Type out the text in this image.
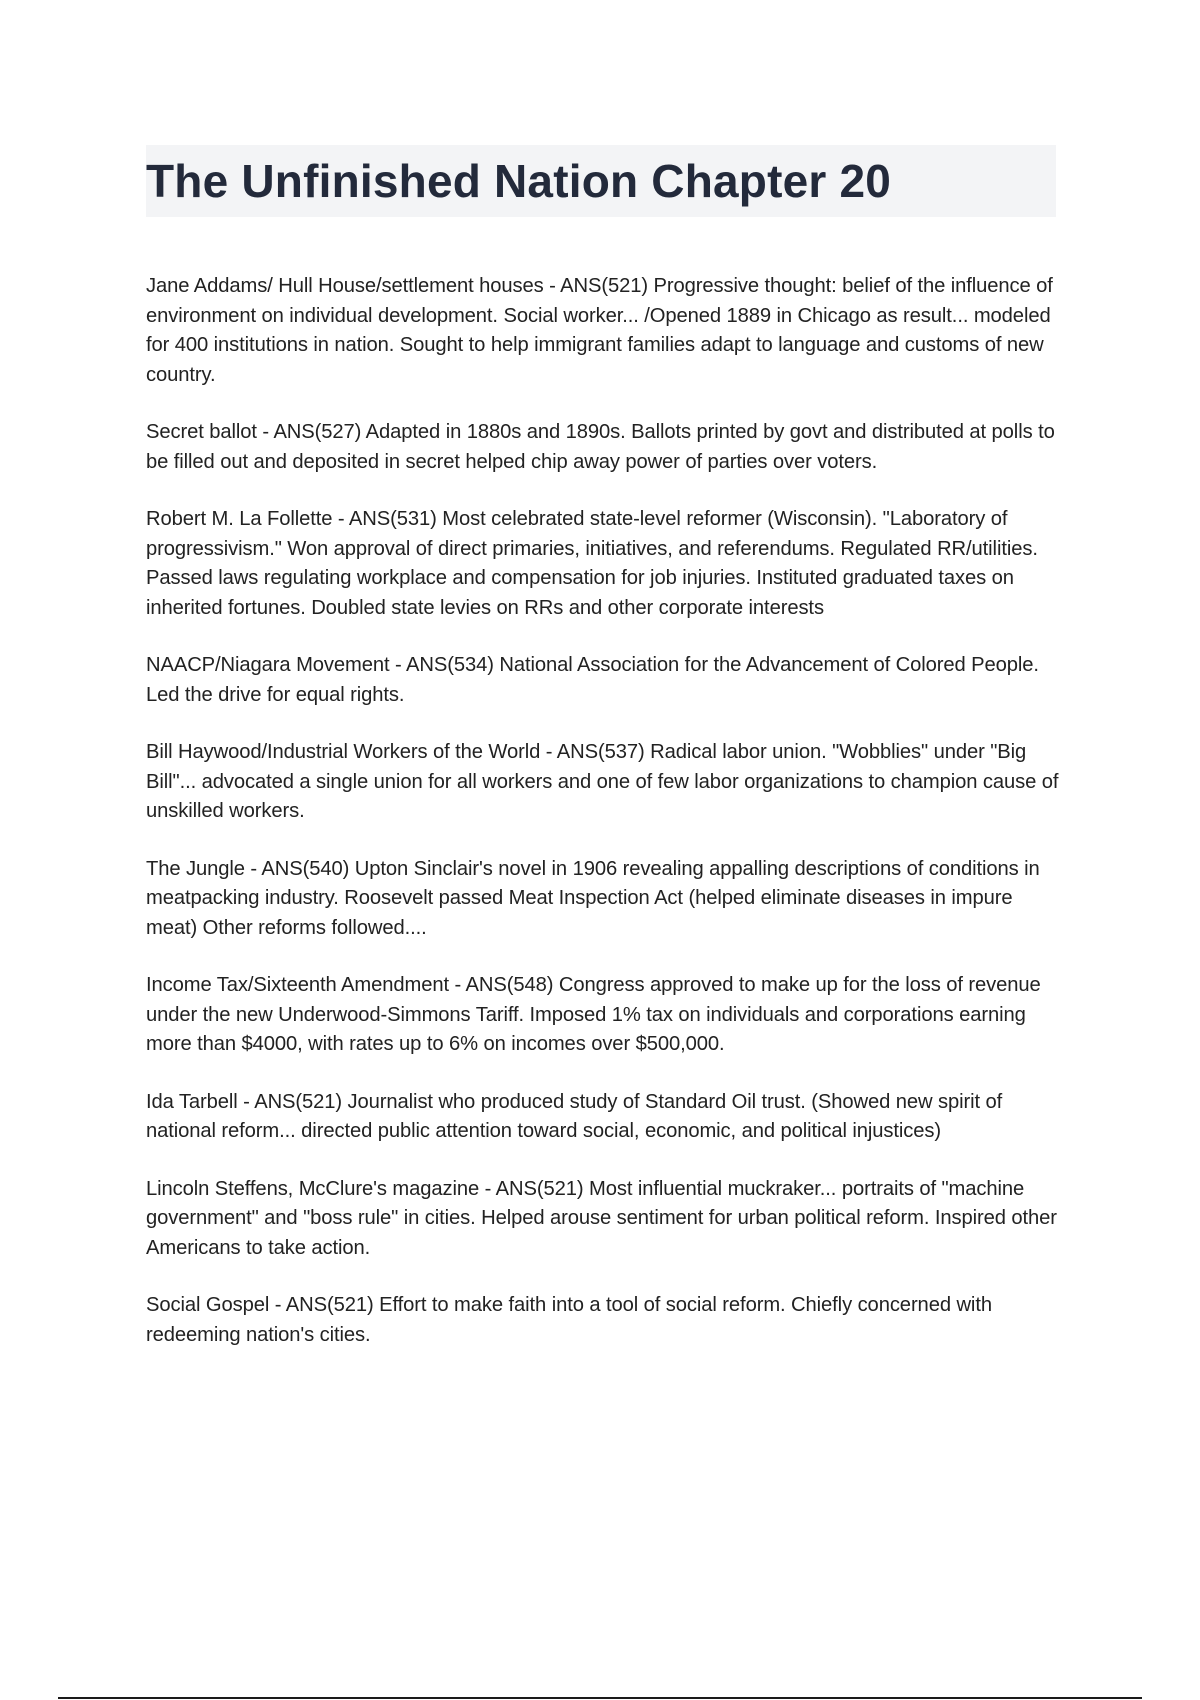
The Unfinished Nation Chapter 20

Jane Addams/ Hull House/settlement houses - ANS(521) Progressive thought: belief of the influence of environment on individual development. Social worker... /Opened 1889 in Chicago as result... modeled for 400 institutions in nation. Sought to help immigrant families adapt to language and customs of new country.

Secret ballot - ANS(527) Adapted in 1880s and 1890s. Ballots printed by govt and distributed at polls to be filled out and deposited in secret helped chip away power of parties over voters.

Robert M. La Follette - ANS(531) Most celebrated state-level reformer (Wisconsin). "Laboratory of progressivism." Won approval of direct primaries, initiatives, and referendums. Regulated RR/utilities. Passed laws regulating workplace and compensation for job injuries. Instituted graduated taxes on inherited fortunes. Doubled state levies on RRs and other corporate interests

NAACP/Niagara Movement - ANS(534) National Association for the Advancement of Colored People. Led the drive for equal rights.

Bill Haywood/Industrial Workers of the World - ANS(537) Radical labor union. "Wobblies" under "Big Bill"... advocated a single union for all workers and one of few labor organizations to champion cause of unskilled workers.

The Jungle - ANS(540) Upton Sinclair's novel in 1906 revealing appalling descriptions of conditions in meatpacking industry. Roosevelt passed Meat Inspection Act (helped eliminate diseases in impure meat) Other reforms followed....

Income Tax/Sixteenth Amendment - ANS(548) Congress approved to make up for the loss of revenue under the new Underwood-Simmons Tariff. Imposed 1% tax on individuals and corporations earning more than $4000, with rates up to 6% on incomes over $500,000.

Ida Tarbell - ANS(521) Journalist who produced study of Standard Oil trust. (Showed new spirit of national reform... directed public attention toward social, economic, and political injustices)

Lincoln Steffens, McClure's magazine - ANS(521) Most influential muckraker... portraits of "machine government" and "boss rule" in cities. Helped arouse sentiment for urban political reform. Inspired other Americans to take action.

Social Gospel - ANS(521) Effort to make faith into a tool of social reform. Chiefly concerned with redeeming nation's cities.
